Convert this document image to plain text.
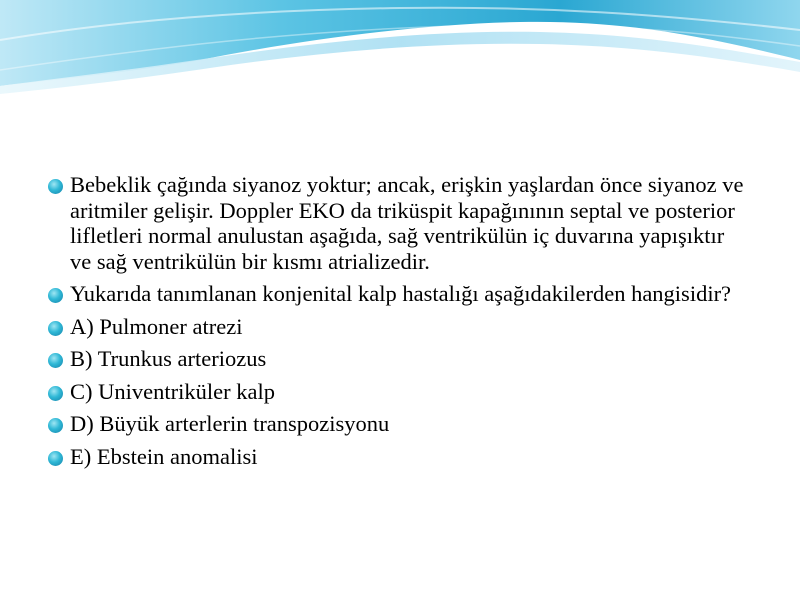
Bebeklik çağında siyanoz yoktur; ancak, erişkin yaşlardan önce siyanoz ve aritmiler gelişir. Doppler EKO da triküspit kapağınının septal ve posterior lifletleri normal anulustan aşağıda, sağ ventrikülün iç duvarına yapışıktır ve sağ ventrikülün bir kısmı atrializedir.
Yukarıda tanımlanan konjenital kalp hastalığı aşağıdakilerden hangisidir?
A) Pulmoner atrezi
B) Trunkus arteriozus
C) Univentriküler kalp
D) Büyük arterlerin transpozisyonu
E) Ebstein anomalisi
